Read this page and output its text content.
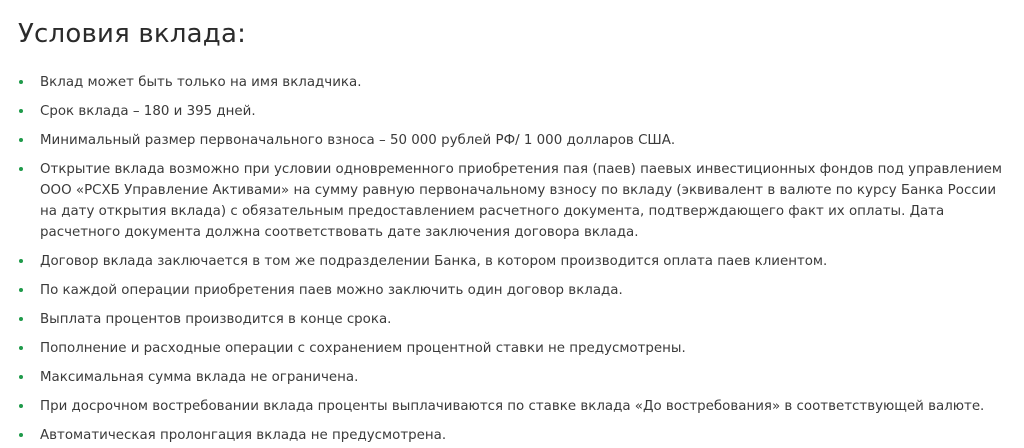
Условия вклада:
Вклад может быть только на имя вкладчика.
Срок вклада – 180 и 395 дней.
Минимальный размер первоначального взноса – 50 000 рублей РФ/ 1 000 долларов США.
Открытие вклада возможно при условии одновременного приобретения пая (паев) паевых инвестиционных фондов под управлением ООО «РСХБ Управление Активами» на сумму равную первоначальному взносу по вкладу (эквивалент в валюте по курсу Банка России на дату открытия вклада) с обязательным предоставлением расчетного документа, подтверждающего факт их оплаты. Дата расчетного документа должна соответствовать дате заключения договора вклада.
Договор вклада заключается в том же подразделении Банка, в котором производится оплата паев клиентом.
По каждой операции приобретения паев можно заключить один договор вклада.
Выплата процентов производится в конце срока.
Пополнение и расходные операции с сохранением процентной ставки не предусмотрены.
Максимальная сумма вклада не ограничена.
При досрочном востребовании вклада проценты выплачиваются по ставке вклада «До востребования» в соответствующей валюте.
Автоматическая пролонгация вклада не предусмотрена.
